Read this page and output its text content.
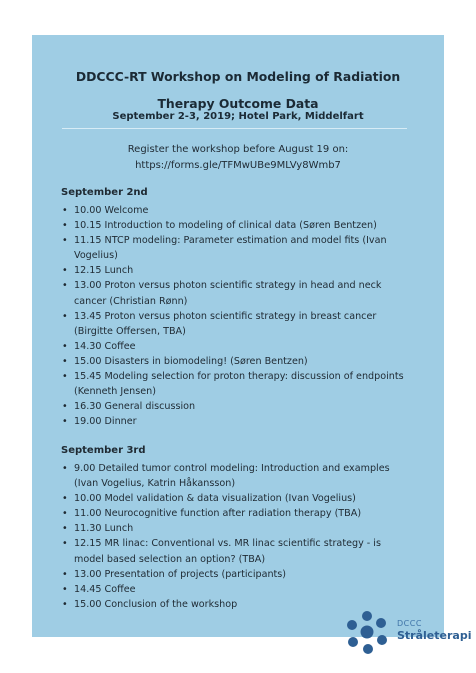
DDCCC-RT Workshop on Modeling of Radiation
Therapy Outcome Data
September 2-3, 2019; Hotel Park, Middelfart
Register the workshop before August 19 on:
https://forms.gle/TFMwUBe9MLVy8Wmb7
September 2nd
• 10.00 Welcome
• 10.15 Introduction to modeling of clinical data (Søren Bentzen)
• 11.15 NTCP modeling: Parameter estimation and model fits (Ivan Vogelius)
• 12.15 Lunch
• 13.00 Proton versus photon scientific strategy in head and neck cancer (Christian Rønn)
• 13.45 Proton versus photon scientific strategy in breast cancer (Birgitte Offersen, TBA)
• 14.30 Coffee
• 15.00 Disasters in biomodeling! (Søren Bentzen)
• 15.45 Modeling selection for proton therapy: discussion of endpoints (Kenneth Jensen)
• 16.30 General discussion
• 19.00 Dinner
September 3rd
• 9.00 Detailed tumor control modeling: Introduction and examples (Ivan Vogelius, Katrin Håkansson)
• 10.00 Model validation & data visualization (Ivan Vogelius)
• 11.00 Neurocognitive function after radiation therapy (TBA)
• 11.30 Lunch
• 12.15 MR linac: Conventional vs. MR linac scientific strategy - is model based selection an option? (TBA)
• 13.00 Presentation of projects (participants)
• 14.45 Coffee
• 15.00 Conclusion of the workshop
DCCC
Stråleterapi
